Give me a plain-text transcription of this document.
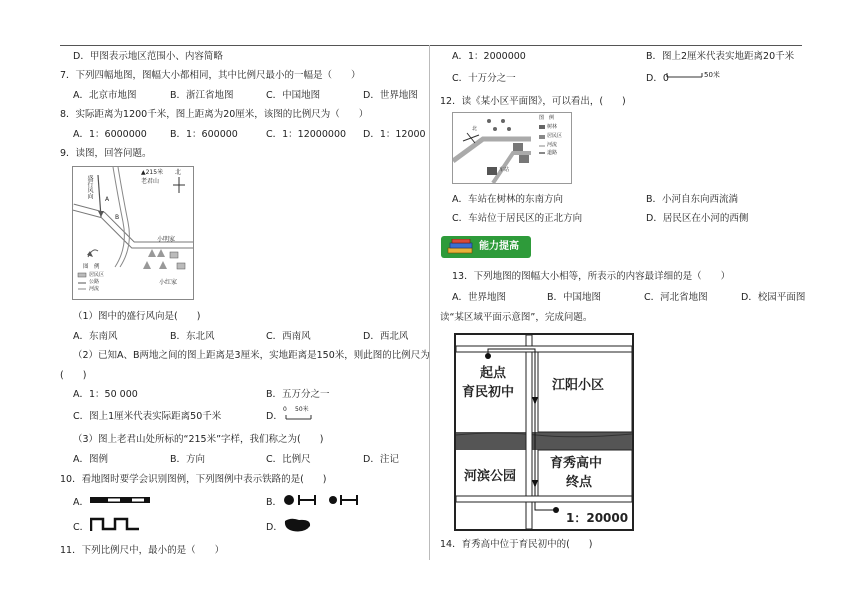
D．甲图表示地区范围小、内容简略
7．下列四幅地图，图幅大小都相同，其中比例尺最小的一幅是（　　）
A．北京市地图	B．浙江省地图	C．中国地图	D．世界地图
8．实际距离为1200千米，图上距离为20厘米，该图的比例尺为（　　）
A．1：6000000 B．1：600000	C．1：12000000 D．1：12000
9．读图，回答问题。
▲215米
老君山
北
盛行风向
A
B
小明家
小红家
图　例
居民区
公路
河流
（1）图中的盛行风向是(　　)
A．东南风	B．东北风	C．西南风	D．西北风
（2）已知A、B两地之间的图上距离是3厘米，实地距离是150米，则此图的比例尺为
(　　)
A．1：50 000	B．五万分之一
C．图上1厘米代表实际距离50千米	D．
0 50米
（3）图上老君山处所标的“215米”字样，我们称之为(　　)
A．图例	B．方向	C．比例尺	D．注记
10．看地图时要学会识别图例，下列图例中表示铁路的是(　　)
A．	B．
C．	D．
11．下列比例尺中，最小的是（　　）
A．1：2000000	B．图上2厘米代表实地距离20千米
C．十万分之一	D．0	50米
12．读《某小区平面图》，可以看出，(　　)
北
图　例
树林
居民区
河流
道路
车站
A．车站在树林的东南方向	B．小河自东向西流淌
C．车站位于居民区的正北方向	D．居民区在小河的西侧
能力提高
13．下列地图的图幅大小相等，所表示的内容最详细的是（　　）
A．世界地图	B．中国地图	C．河北省地图	D．校园平面图
读“某区域平面示意图”，完成问题。
起点
育民初中	江阳小区
河滨公园
育秀高中
终点
1：20000
14．育秀高中位于育民初中的(　　)
